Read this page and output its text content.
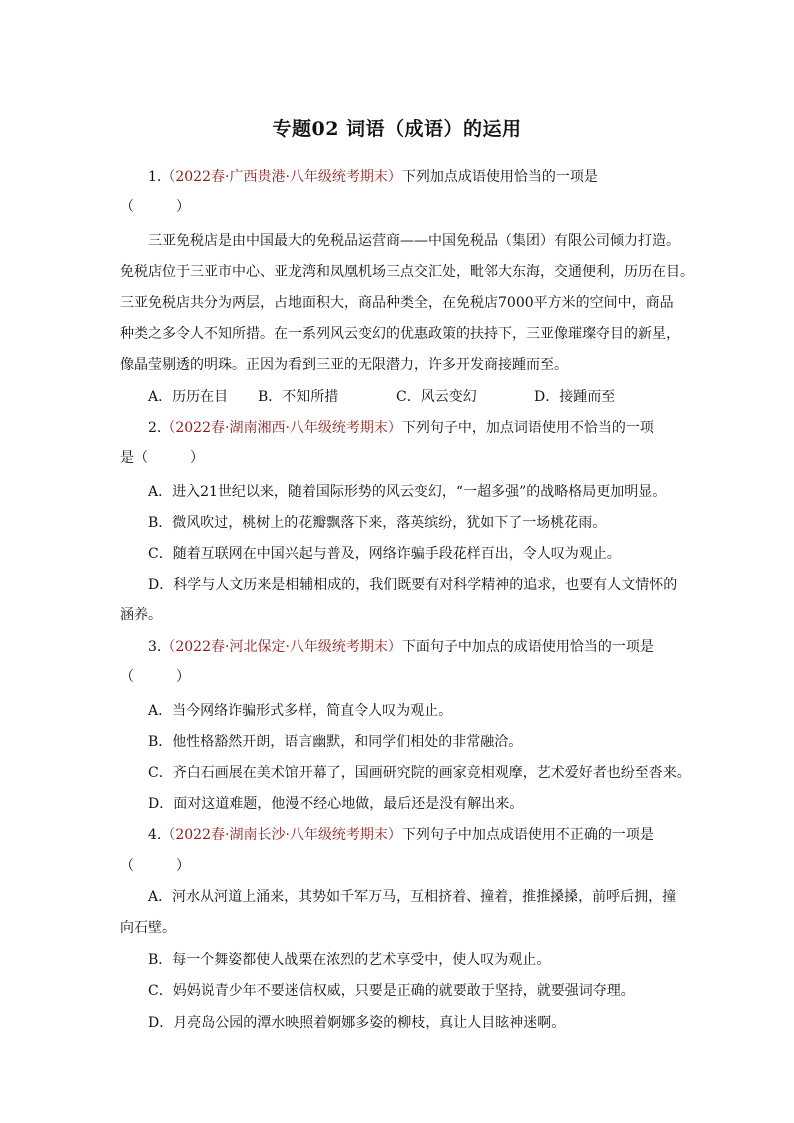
专题02 词语（成语）的运用
1.（2022春·广西贵港·八年级统考期末）下列加点成语使用恰当的一项是
（　　　）
三亚免税店是由中国最大的免税品运营商——中国免税品（集团）有限公司倾力打造。
免税店位于三亚市中心、亚龙湾和凤凰机场三点交汇处，毗邻大东海，交通便利，历历在目。
三亚免税店共分为两层，占地面积大，商品种类全，在免税店7000平方米的空间中，商品
种类之多令人不知所措。在一系列风云变幻的优惠政策的扶持下，三亚像璀璨夺目的新星，
像晶莹剔透的明珠。正因为看到三亚的无限潜力，许多开发商接踵而至。
A．历历在目 B．不知所措	C．风云变幻	D．接踵而至
2.（2022春·湖南湘西·八年级统考期末）下列句子中，加点词语使用不恰当的一项
是（　　　）
A．进入21世纪以来，随着国际形势的风云变幻，“一超多强”的战略格局更加明显。
B．微风吹过，桃树上的花瓣飘落下来，落英缤纷，犹如下了一场桃花雨。
C．随着互联网在中国兴起与普及，网络诈骗手段花样百出，令人叹为观止。
D．科学与人文历来是相辅相成的，我们既要有对科学精神的追求，也要有人文情怀的
涵养。
3.（2022春·河北保定·八年级统考期末）下面句子中加点的成语使用恰当的一项是
（　　　）
A．当今网络诈骗形式多样，简直令人叹为观止。
B．他性格豁然开朗，语言幽默，和同学们相处的非常融洽。
C．齐白石画展在美术馆开幕了，国画研究院的画家竞相观摩，艺术爱好者也纷至沓来。
D．面对这道难题，他漫不经心地做，最后还是没有解出来。
4.（2022春·湖南长沙·八年级统考期末）下列句子中加点成语使用不正确的一项是
（　　　）
A．河水从河道上涌来，其势如千军万马，互相挤着、撞着，推推搡搡，前呼后拥，撞
向石壁。
B．每一个舞姿都使人战栗在浓烈的艺术享受中，使人叹为观止。
C．妈妈说青少年不要迷信权威，只要是正确的就要敢于坚持，就要强词夺理。
D．月亮岛公园的潭水映照着婀娜多姿的柳枝，真让人目眩神迷啊。
